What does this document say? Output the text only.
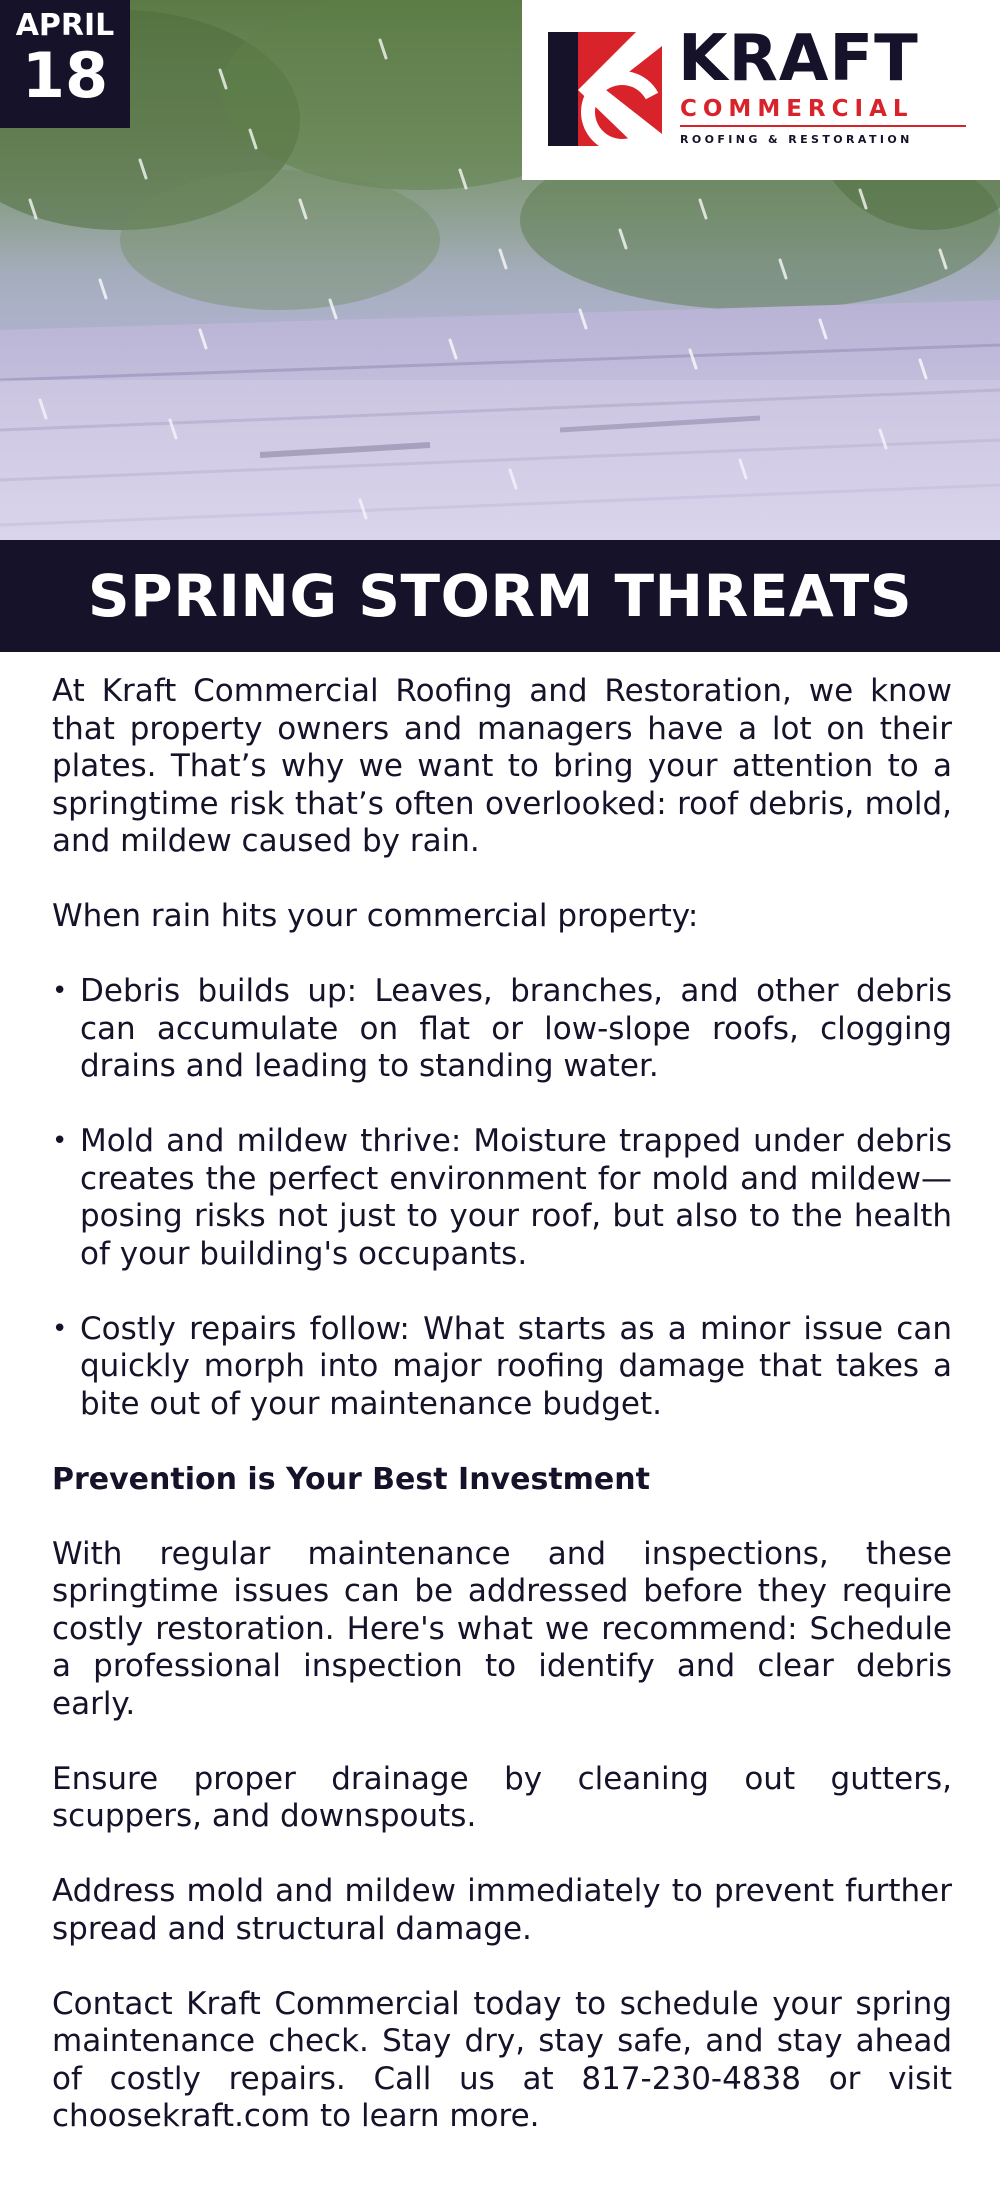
APRIL
18	KRAFT
COMMERCIAL
ROOFING & RESTORATION
SPRING STORM THREATS

At Kraft Commercial Roofing and Restoration, we know that property owners and managers have a lot on their plates. That’s why we want to bring your attention to a springtime risk that’s often overlooked: roof debris, mold, and mildew caused by rain.

When rain hits your commercial property:

• Debris builds up: Leaves, branches, and other debris can accumulate on flat or low-slope roofs, clogging drains and leading to standing water.
• Mold and mildew thrive: Moisture trapped under debris creates the perfect environment for mold and mildew—posing risks not just to your roof, but also to the health of your building's occupants.
• Costly repairs follow: What starts as a minor issue can quickly morph into major roofing damage that takes a bite out of your maintenance budget.
Prevention is Your Best Investment

With regular maintenance and inspections, these springtime issues can be addressed before they require costly restoration. Here's what we recommend: Schedule a professional inspection to identify and clear debris early.

Ensure proper drainage by cleaning out gutters, scuppers, and downspouts.

Address mold and mildew immediately to prevent further spread and structural damage.

Contact Kraft Commercial today to schedule your spring maintenance check. Stay dry, stay safe, and stay ahead of costly repairs. Call us at 817-230-4838 or visit choosekraft.com to learn more.
